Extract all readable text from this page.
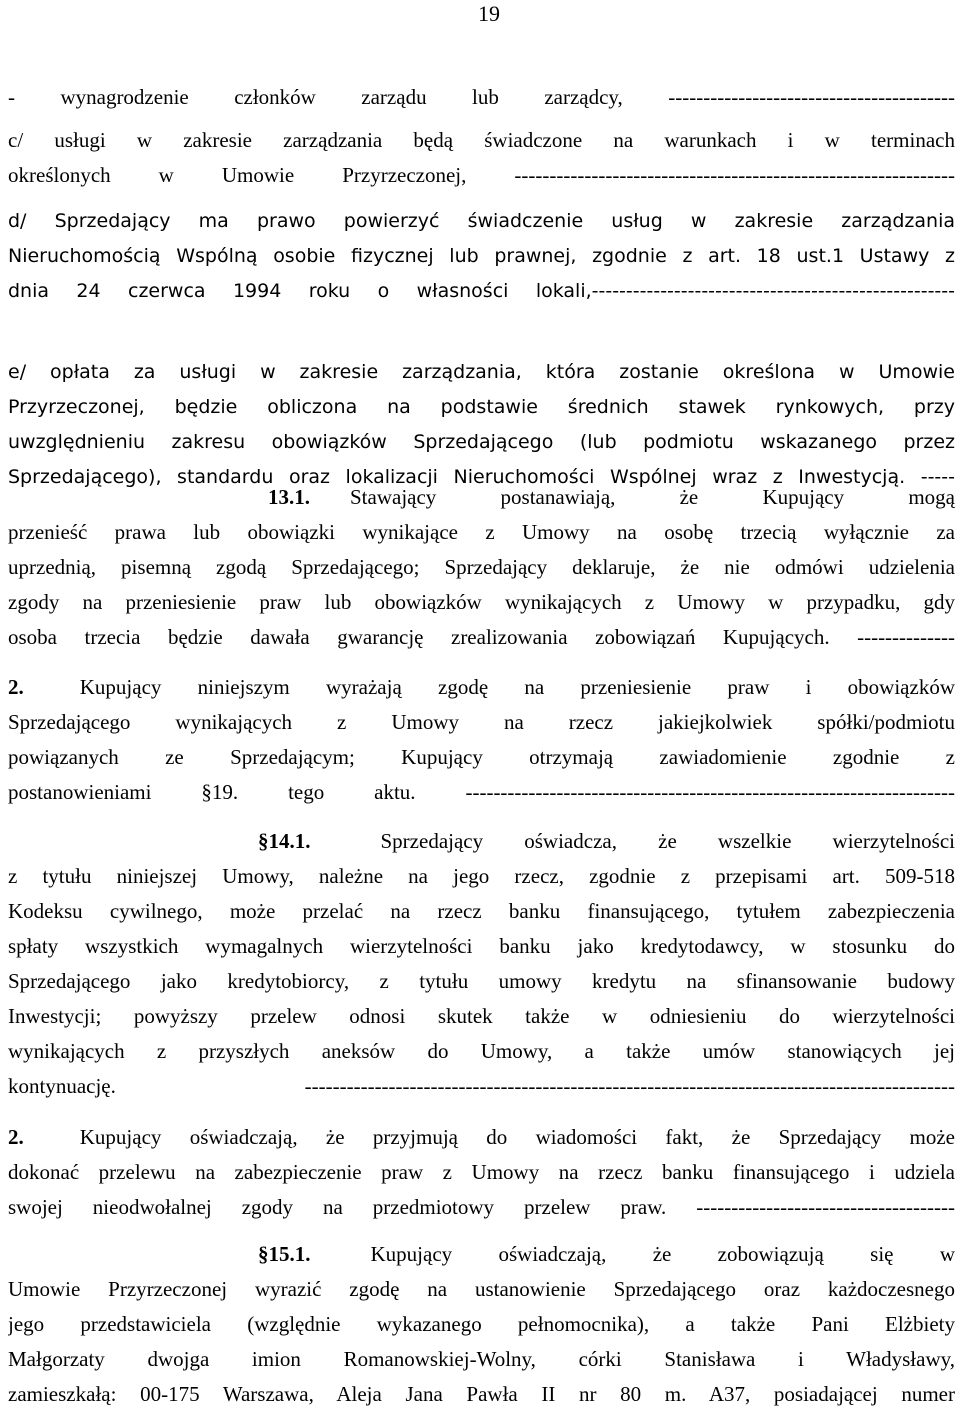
19
- wynagrodzenie członków zarządu lub zarządcy, -----------------------------------------
c/ usługi w zakresie zarządzania będą świadczone na warunkach i w terminach
określonych w Umowie Przyrzeczonej, ---------------------------------------------------------------
d/ Sprzedający ma prawo powierzyć świadczenie usług w zakresie zarządzania
Nieruchomością Wspólną osobie fizycznej lub prawnej, zgodnie z art. 18 ust.1 Ustawy z
dnia 24 czerwca 1994 roku o własności lokali,-----------------------------------------------------
e/ opłata za usługi w zakresie zarządzania, która zostanie określona w Umowie
Przyrzeczonej, będzie obliczona na podstawie średnich stawek rynkowych, przy
uwzględnieniu zakresu obowiązków Sprzedającego (lub podmiotu wskazanego przez
Sprzedającego), standardu oraz lokalizacji Nieruchomości Wspólnej wraz z Inwestycją. -----
13.1. Stawający postanawiają, że Kupujący mogą
przenieść prawa lub obowiązki wynikające z Umowy na osobę trzecią wyłącznie za
uprzednią, pisemną zgodą Sprzedającego; Sprzedający deklaruje, że nie odmówi udzielenia
zgody na przeniesienie praw lub obowiązków wynikających z Umowy w przypadku, gdy
osoba trzecia będzie dawała gwarancję zrealizowania zobowiązań Kupujących. --------------
2.	Kupujący niniejszym wyrażają zgodę na przeniesienie praw i obowiązków
Sprzedającego wynikających z Umowy na rzecz jakiejkolwiek spółki/podmiotu
powiązanych ze Sprzedającym; Kupujący otrzymają zawiadomienie zgodnie z
postanowieniami §19. tego aktu. ----------------------------------------------------------------------
§14.1.	Sprzedający oświadcza, że wszelkie wierzytelności
z tytułu niniejszej Umowy, należne na jego rzecz, zgodnie z przepisami art. 509-518
Kodeksu cywilnego, może przelać na rzecz banku finansującego, tytułem zabezpieczenia
spłaty wszystkich wymagalnych wierzytelności banku jako kredytodawcy, w stosunku do
Sprzedającego jako kredytobiorcy, z tytułu umowy kredytu na sfinansowanie budowy
Inwestycji; powyższy przelew odnosi skutek także w odniesieniu do wierzytelności
wynikających z przyszłych aneksów do Umowy, a także umów stanowiących jej
kontynuację. ---------------------------------------------------------------------------------------------
2.	Kupujący oświadczają, że przyjmują do wiadomości fakt, że Sprzedający może
dokonać przelewu na zabezpieczenie praw z Umowy na rzecz banku finansującego i udziela
swojej nieodwołalnej zgody na przedmiotowy przelew praw. -------------------------------------
§15.1.	Kupujący oświadczają, że zobowiązują się w
Umowie Przyrzeczonej wyrazić zgodę na ustanowienie Sprzedającego oraz każdoczesnego
jego przedstawiciela (względnie wykazanego pełnomocnika), a także Pani Elżbiety
Małgorzaty dwojga imion Romanowskiej-Wolny, córki Stanisława i Władysławy,
zamieszkałą: 00-175 Warszawa, Aleja Jana Pawła II nr 80 m. A37, posiadającej numer
